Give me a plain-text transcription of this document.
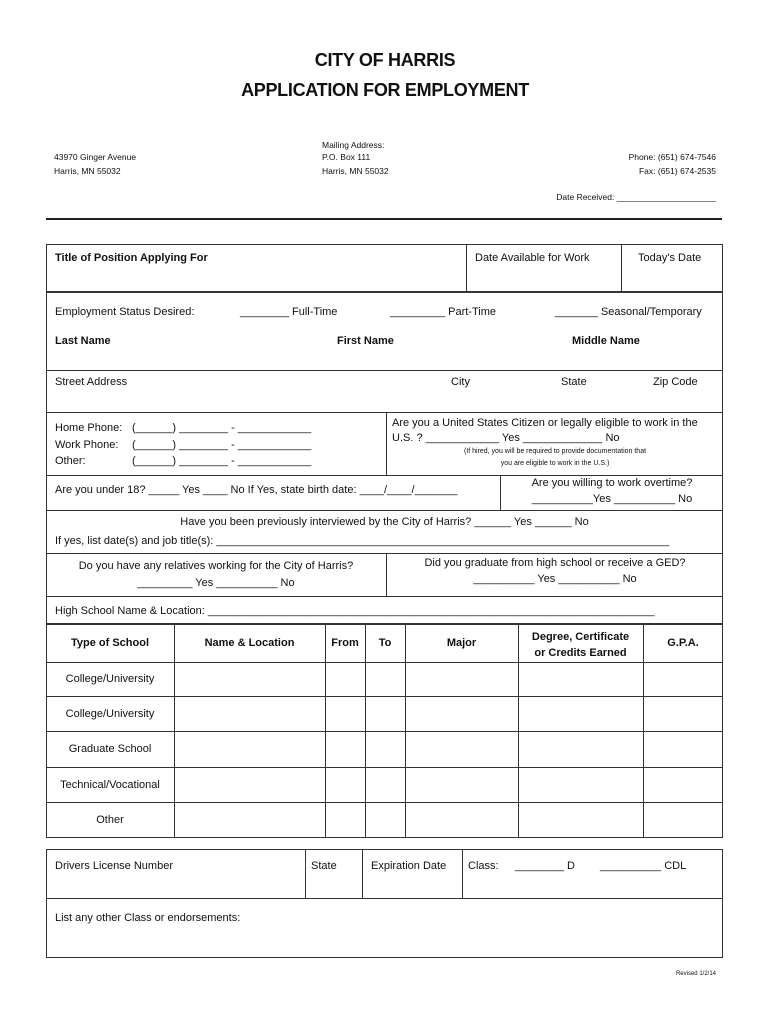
CITY OF HARRIS
APPLICATION FOR EMPLOYMENT
43970 Ginger Avenue
Harris, MN 55032
Mailing Address:
P.O. Box 111
Harris, MN 55032
Phone: (651) 674-7546
Fax: (651) 674-2535
Date Received: _____________________
Title of Position Applying For	Date Available for Work	Today's Date
Employment Status Desired:	________ Full-Time	_________ Part-Time	_______ Seasonal/Temporary
Last Name	First Name	Middle Name
Street Address	City	State	Zip Code
Home Phone: (______) ________ - ____________
Work Phone: (______) ________ - ____________
Other:	(______) ________ - ____________
Are you a United States Citizen or legally eligible to work in the
U.S. ? ____________ Yes _____________ No
(If hired, you will be required to provide documentation that
you are eligible to work in the U.S.)
Are you under 18? _____ Yes ____ No If Yes, state birth date: ____/____/_______
Are you willing to work overtime?
__________Yes __________ No
Have you been previously interviewed by the City of Harris? ______ Yes ______ No
If yes, list date(s) and job title(s): __________________________________________________________________________
Do you have any relatives working for the City of Harris?
_________ Yes __________ No
Did you graduate from high school or receive a GED?
__________ Yes __________ No
High School Name & Location: _________________________________________________________________________
Type of School	Name & Location	From	To	Major	Degree, Certificate
or Credits Earned
G.P.A.
College/University
College/University
Graduate School
Technical/Vocational
Other
Drivers License Number	State	Expiration Date Class: ________ D __________ CDL
List any other Class or endorsements:
Revised 1/2/14
